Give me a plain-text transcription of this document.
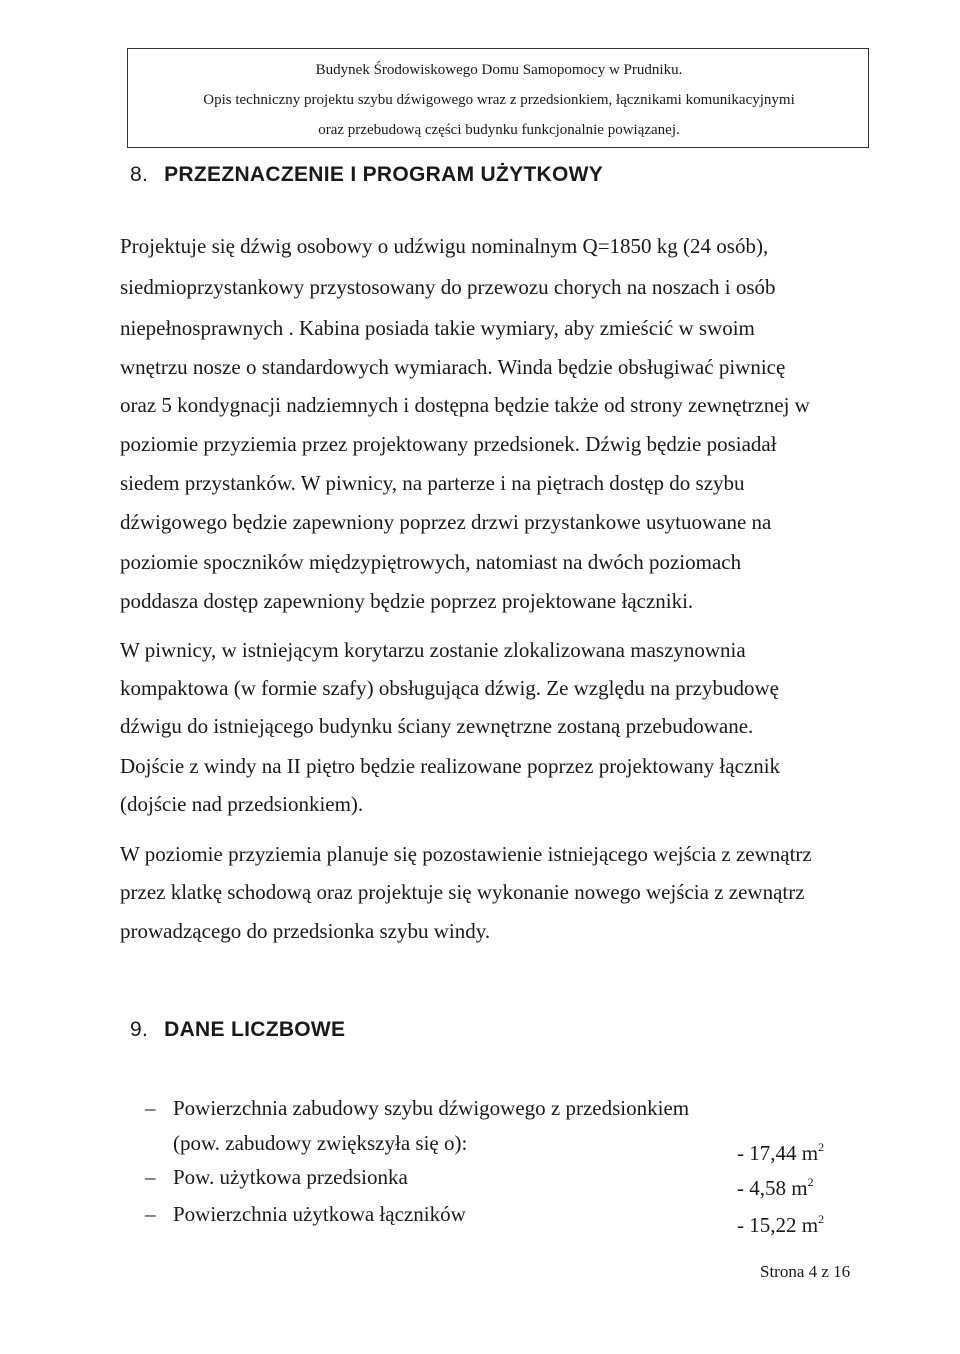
Budynek Środowiskowego Domu Samopomocy w Prudniku.
Opis techniczny projektu szybu dźwigowego wraz z przedsionkiem, łącznikami komunikacyjnymi
oraz przebudową części budynku funkcjonalnie powiązanej.
8. PRZEZNACZENIE I PROGRAM UŻYTKOWY
Projektuje się dźwig osobowy o udźwigu nominalnym Q=1850 kg (24 osób),
siedmioprzystankowy przystosowany do przewozu chorych na noszach i osób
niepełnosprawnych . Kabina posiada takie wymiary, aby zmieścić w swoim
wnętrzu nosze o standardowych wymiarach. Winda będzie obsługiwać piwnicę
oraz 5 kondygnacji nadziemnych i dostępna będzie także od strony zewnętrznej w
poziomie przyziemia przez projektowany przedsionek. Dźwig będzie posiadał
siedem przystanków. W piwnicy, na parterze i na piętrach dostęp do szybu
dźwigowego będzie zapewniony poprzez drzwi przystankowe usytuowane na
poziomie spoczników międzypiętrowych, natomiast na dwóch poziomach
poddasza dostęp zapewniony będzie poprzez projektowane łączniki.
W piwnicy, w istniejącym korytarzu zostanie zlokalizowana maszynownia
kompaktowa (w formie szafy) obsługująca dźwig. Ze względu na przybudowę
dźwigu do istniejącego budynku ściany zewnętrzne zostaną przebudowane.
Dojście z windy na II piętro będzie realizowane poprzez projektowany łącznik
(dojście nad przedsionkiem).
W poziomie przyziemia planuje się pozostawienie istniejącego wejścia z zewnątrz
przez klatkę schodową oraz projektuje się wykonanie nowego wejścia z zewnątrz
prowadzącego do przedsionka szybu windy.
9. DANE LICZBOWE
– Powierzchnia zabudowy szybu dźwigowego z przedsionkiem
(pow. zabudowy zwiększyła się o):	- 17,44 $m^2$
– Pow. użytkowa przedsionka	- 4,58 $m^2$
– Powierzchnia użytkowa łączników	- 15,22 $m^2$
Strona 4 z 16
